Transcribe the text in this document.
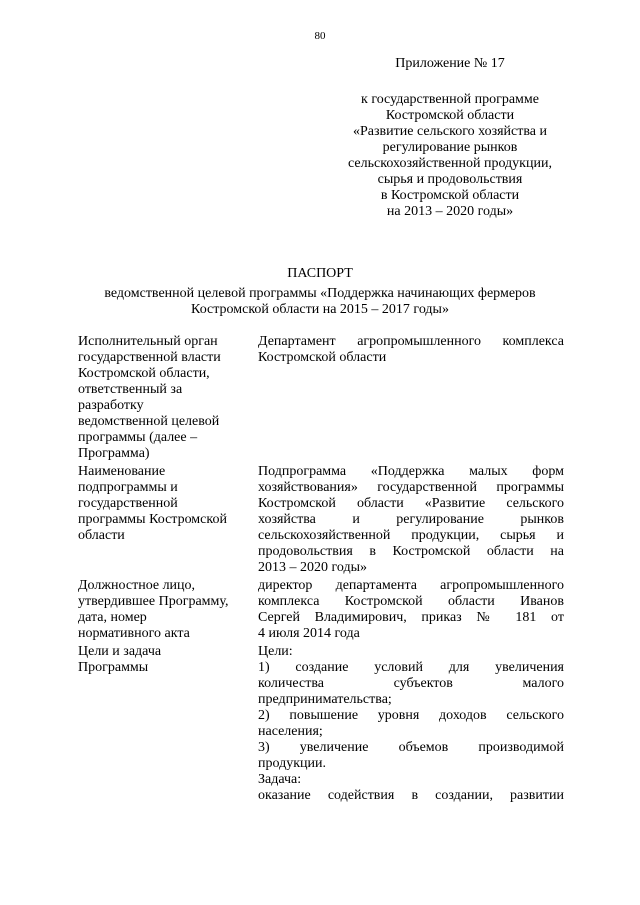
80
Приложение № 17
к государственной программе
Костромской области
«Развитие сельского хозяйства и
регулирование рынков
сельскохозяйственной продукции,
сырья и продовольствия
в Костромской области
на 2013 – 2020 годы»
ПАСПОРТ
ведомственной целевой программы «Поддержка начинающих фермеров
Костромской области на 2015 – 2017 годы»
Исполнительный орган
государственной власти
Костромской области,
ответственный за
разработку
ведомственной целевой
программы (далее –
Программа)
Департамент агропромышленного комплекса
Костромской области
Наименование
подпрограммы и
государственной
программы Костромской
области
Подпрограмма «Поддержка малых форм
хозяйствования» государственной программы
Костромской области «Развитие сельского
хозяйства и регулирование рынков
сельскохозяйственной продукции, сырья и
продовольствия в Костромской области на
2013 – 2020 годы»
Должностное лицо,
утвердившее Программу,
дата, номер
нормативного акта
директор департамента агропромышленного
комплекса Костромской области Иванов
Сергей Владимирович, приказ № 181 от
4 июля 2014 года
Цели и задача
Программы
Цели:
1) создание условий для увеличения
количества субъектов малого
предпринимательства;
2) повышение уровня доходов сельского
населения;
3) увеличение объемов производимой
продукции.
Задача:
оказание содействия в создании, развитии
